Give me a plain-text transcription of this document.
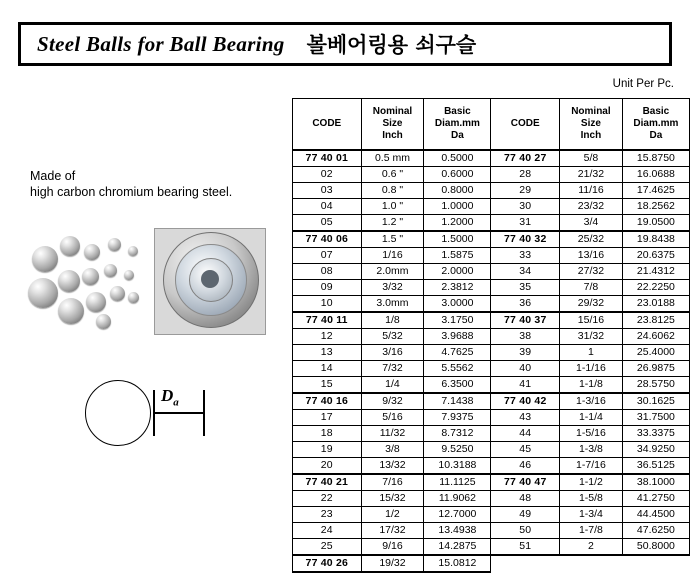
Steel Balls for Ball Bearing 볼베어링용 쇠구슬
Made of
high carbon chromium bearing steel.
$D_a$
Unit Per Pc.
CODE	Nominal
Size
Inch	Basic
Diam.mm
Da	CODE	Nominal
Size
Inch	Basic
Diam.mm
Da
77 40 01	0.5 mm	0.5000	77 40 27	5/8	15.8750
02	0.6 "	0.6000	28	21/32	16.0688
03	0.8 "	0.8000	29	11/16	17.4625
04	1.0 "	1.0000	30	23/32	18.2562
05	1.2 "	1.2000	31	3/4	19.0500
77 40 06	1.5 "	1.5000	77 40 32	25/32	19.8438
07	1/16	1.5875	33	13/16	20.6375
08	2.0mm	2.0000	34	27/32	21.4312
09	3/32	2.3812	35	7/8	22.2250
10	3.0mm	3.0000	36	29/32	23.0188
77 40 11	1/8	3.1750	77 40 37	15/16	23.8125
12	5/32	3.9688	38	31/32	24.6062
13	3/16	4.7625	39	1	25.4000
14	7/32	5.5562	40	1-1/16	26.9875
15	1/4	6.3500	41	1-1/8	28.5750
77 40 16	9/32	7.1438	77 40 42	1-3/16	30.1625
17	5/16	7.9375	43	1-1/4	31.7500
18	11/32	8.7312	44	1-5/16	33.3375
19	3/8	9.5250	45	1-3/8	34.9250
20	13/32	10.3188	46	1-7/16	36.5125
77 40 21	7/16	11.1125	77 40 47	1-1/2	38.1000
22	15/32	11.9062	48	1-5/8	41.2750
23	1/2	12.7000	49	1-3/4	44.4500
24	17/32	13.4938	50	1-7/8	47.6250
25	9/16	14.2875	51	2	50.8000
77 40 26	19/32	15.0812			
